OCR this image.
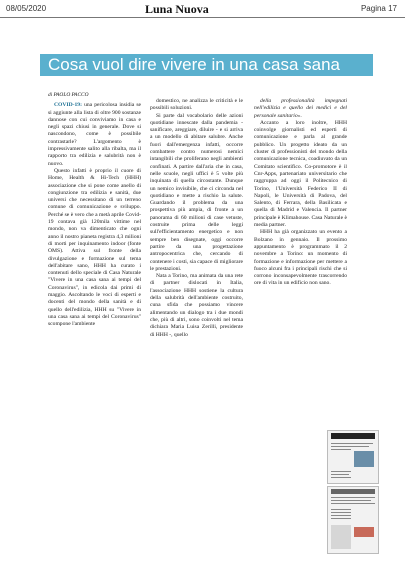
08/05/2020	Luna Nuova	Pagina 17
Cosa vuol dire vivere in una casa sana
di PAOLO PACCO

COVID-19: una pericolosa insidia se si aggiunte alla lista di oltre 900 sostanze dannose con cui conviviamo in casa e negli spazi chiusi in generale. Dove si nascondono, come è possibile contrastarle? L'argomento è impressivamente salito alla ribalta, ma il rapporto tra edilizia e salubrità non è nuovo.

Questo infatti è proprio il cuore di Home, Health & Hi-Tech (HHH) associazione che si pone come anello di congiunzione tra edilizia e sanità, due universi che necessitano di un terreno comune di comunicazione e sviluppo. Perché se è vero che a metà aprile Covid-19 contava già 120mila vittime nel mondo, non va dimenticato che ogni anno il nostro pianeta registra 4,3 milioni di morti per inquinamento indoor (fonte OMS). Attiva sul fronte della divulgazione e formazione sul tema dell'abitare sano, HHH ha curato i contenuti dello speciale di Casa Naturale "Vivere in una casa sana ai tempi del Coronavirus", in edicola dai primi di maggio. Ascoltando le voci di esperti e docenti del mondo della sanità e di quello dell'edilizia, HHH su "Vivere in una casa sana ai tempi del Coronavirus" scompone l'ambiente

domestico, ne analizza le criticità e le possibili soluzioni.

Si parte dal vocabolario delle azioni quotidiane innescate dalla pandemia - sanificare, areggiare, diluire - e si arriva a un modello di abitare salubre. Anche fuori dall'emergenza infatti, occorre combattere contro numerosi nemici intangibili che proliferano negli ambienti confinati. A partire dall'aria che in casa, nelle scuole, negli uffici è 5 volte più inquinata di quella circostante. Dunque un nemico invisibile, che ci circonda nel quotidiano e mette a rischio la salute. Guardando il problema da una prospettiva più ampia, di fronte a un panorama di 60 milioni di case vetuste, costruite prima delle leggi sull'efficientamento energetico e non sempre ben disegnate, oggi occorre partire da una progettazione antropocentrica che, cercando di contenere i costi, sia capace di migliorare le prestazioni.

Nata a Torino, ma animata da una rete di partner dislocati in Italia, l'associazione HHH sostiene la cultura della salubrità dell'ambiente costruito, cuna sfida che possiamo vincere alimentando un dialogo tra i due mondi che, più di altri, sono coinvolti nel tema dichiara Maria Luisa Zerilli, presidente di HHH -, quello

della professionalità impegnati nell'edilizia e quello dei medici e del personale sanitario».

Accanto a loro inoltre, HHH coinvolge giornalisti ed esperti di comunicazione e parla al grande pubblico. Un progetto ideato da un cluster di professionisti del mondo della comunicazione tecnica, coadiuvato da un Comitato scientifico. Co-promotore è il Cnr-Apps, partenariato universitario che raggruppa ad oggi il Politecnico di Torino, l'Università Federico II di Napoli, le Università di Padova, del Salento, di Ferrara, della Basilicata e quella di Madrid e Valencia. Il partner principale è Klimahouse. Casa Naturale è media partner.

HHH ha già organizzato un evento a Bolzano in gennaio. Il prossimo appuntamento è programmato il 2 novembre a Torino: un momento di formazione e informazione per mettere a fuoco alcuni fra i principali rischi che si corrono inconsapevolmente trascorrendo ore di vita in un edificio non sano.
